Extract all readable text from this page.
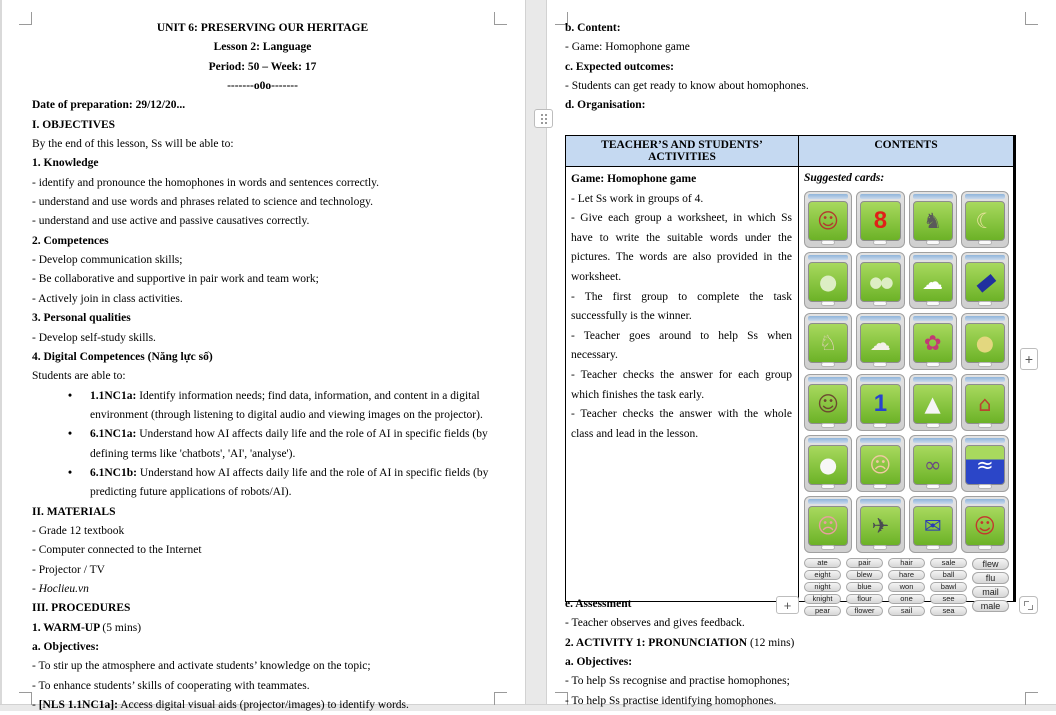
UNIT 6: PRESERVING OUR HERITAGE
Lesson 2: Language
Period: 50 – Week: 17
-------o0o-------
Date of preparation: 29/12/20...
I. OBJECTIVES
By the end of this lesson, Ss will be able to:
1. Knowledge
- identify and pronounce the homophones in words and sentences correctly.
- understand and use words and phrases related to science and technology.
- understand and use active and passive causatives correctly.
2. Competences
- Develop communication skills;
- Be collaborative and supportive in pair work and team work;
- Actively join in class activities.
3. Personal qualities
- Develop self-study skills.
4. Digital Competences (Năng lực số)
Students are able to:
• 1.1NC1a: Identify information needs; find data, information, and content in a digital environment (through listening to digital audio and viewing images on the projector).
• 6.1NC1a: Understand how AI affects daily life and the role of AI in specific fields (by defining terms like 'chatbots', 'AI', 'analyse').
• 6.1NC1b: Understand how AI affects daily life and the role of AI in specific fields (by predicting future applications of robots/AI).
II. MATERIALS
- Grade 12 textbook
- Computer connected to the Internet
- Projector / TV
- Hoclieu.vn
III. PROCEDURES
1. WARM-UP (5 mins)
a. Objectives:
- To stir up the atmosphere and activate students’ knowledge on the topic;
- To enhance students’ skills of cooperating with teammates.
- [NLS 1.1NC1a]: Access digital visual aids (projector/images) to identify words.
b. Content:
- Game: Homophone game
c. Expected outcomes:
- Students can get ready to know about homophones.
d. Organisation:
TEACHER’S AND STUDENTS’ ACTIVITIES
CONTENTS
Game: Homophone game
- Let Ss work in groups of 4.
- Give each group a worksheet, in which Ss have to write the suitable words under the pictures. The words are also provided in the worksheet.
- The first group to complete the task successfully is the winner.
- Teacher goes around to help Ss when necessary.
- Teacher checks the answer for each group which finishes the task early.
- Teacher checks the answer with the whole class and lead in the lesson.
Suggested cards:
☺ 8 ♞ ☾
● ●● ☁ ▬
♘ ☁ ✿ ●
☺ 1 ▲ ⌂
● ☹ ∞ ≈
☹ ✈ ✉ ☺
ate
eight
night
knight
pear
pair
blew
blue
flour
flower
hair
hare
won
one
sail
sale
ball
bawl
see
sea
flew
flu
mail
male
e. Assessment
- Teacher observes and gives feedback.
2. ACTIVITY 1: PRONUNCIATION (12 mins)
a. Objectives:
- To help Ss recognise and practise homophones;
- To help Ss practise identifying homophones.
+
+
